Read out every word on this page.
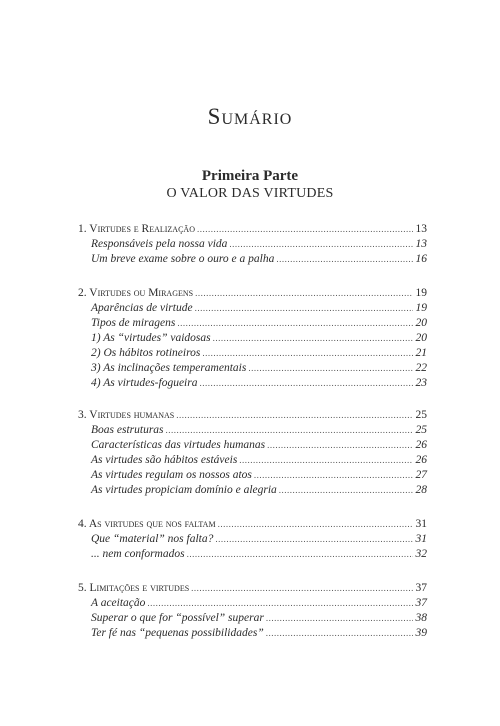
Sumário
Primeira Parte
O VALOR DAS VIRTUDES
1. Virtudes e Realização .....	13
Responsáveis pela nossa vida .....	13
Um breve exame sobre o ouro e a palha .....	16
2. Virtudes ou Miragens .....	19
Aparências de virtude .....	19
Tipos de miragens .....	20
1) As “virtudes” vaidosas .....	20
2) Os hábitos rotineiros .....	21
3) As inclinações temperamentais .....	22
4) As virtudes-fogueira .....	23
3. Virtudes humanas .....	25
Boas estruturas .....	25
Características das virtudes humanas .....	26
As virtudes são hábitos estáveis .....	26
As virtudes regulam os nossos atos .....	27
As virtudes propiciam domínio e alegria .....	28
4. As virtudes que nos faltam .....	31
Que “material” nos falta? .....	31
... nem conformados .....	32
5. Limitações e virtudes .....	37
A aceitação .....	37
Superar o que for “possível” superar .....	38
Ter fé nas “pequenas possibilidades” .....	39
